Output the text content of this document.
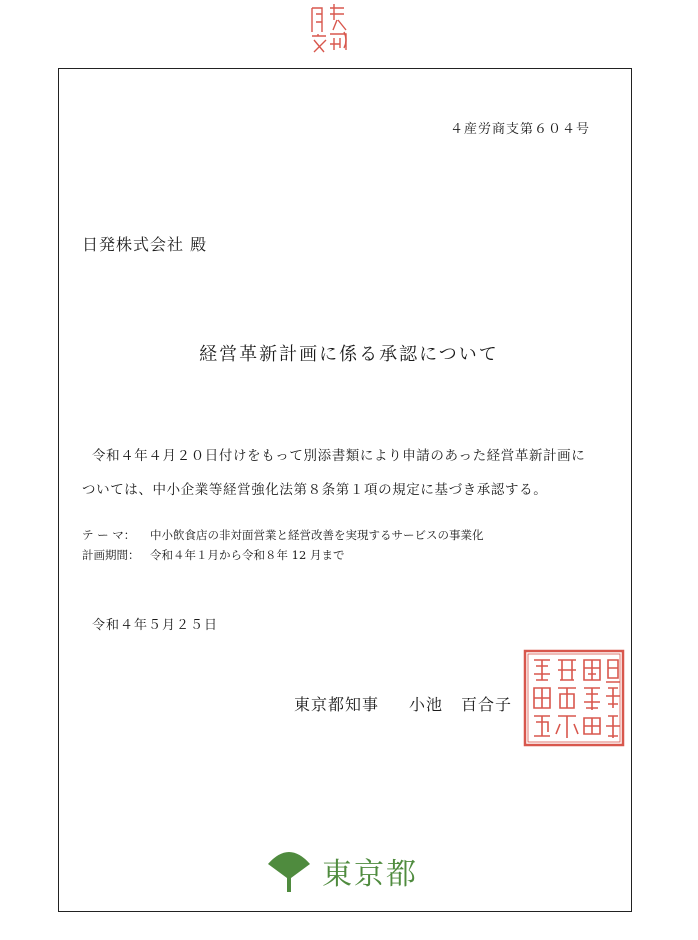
４産労商支第６０４号
日発株式会社 殿
経営革新計画に係る承認について
令和４年４月２０日付けをもって別添書類により申請のあった経営革新計画に
ついては、中小企業等経営強化法第８条第１項の規定に基づき承認する。
テ ー マ： 中小飲食店の非対面営業と経営改善を実現するサービスの事業化
計画期間： 令和４年１月から令和８年 12 月まで
令和４年５月２５日
東京都知事 小池 百合子
東京都
